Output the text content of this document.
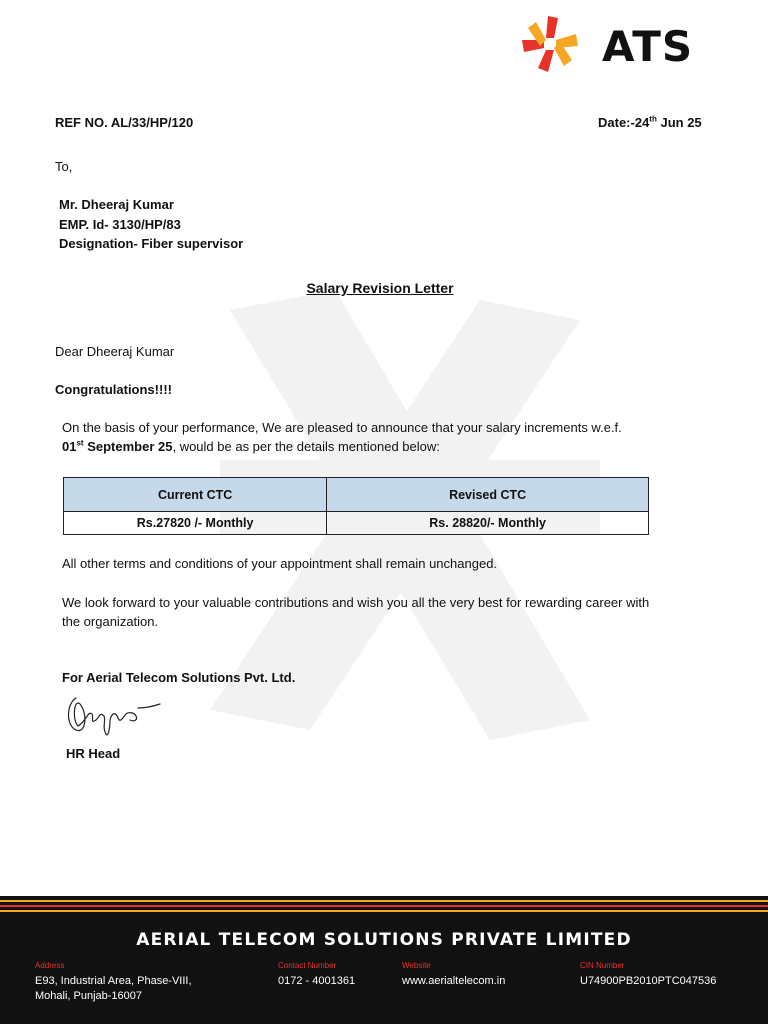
ATS
REF NO. AL/33/HP/120	Date:-24th Jun 25
To,
Mr. Dheeraj Kumar
EMP. Id- 3130/HP/83
Designation- Fiber supervisor
Salary Revision Letter
Dear Dheeraj Kumar
Congratulations!!!!
On the basis of your performance, We are pleased to announce that your salary increments w.e.f.
01st September 25, would be as per the details mentioned below:
Current CTC	Revised CTC
Rs.27820 /- Monthly	Rs. 28820/- Monthly
All other terms and conditions of your appointment shall remain unchanged.
We look forward to your valuable contributions and wish you all the very best for rewarding career with
the organization.
For Aerial Telecom Solutions Pvt. Ltd.
HR Head
AERIAL TELECOM SOLUTIONS PRIVATE LIMITED
Address
E93, Industrial Area, Phase-VIII,
Mohali, Punjab-16007
Contact Number
0172 - 4001361
Website
www.aerialtelecom.in
CIN Number
U74900PB2010PTC047536
